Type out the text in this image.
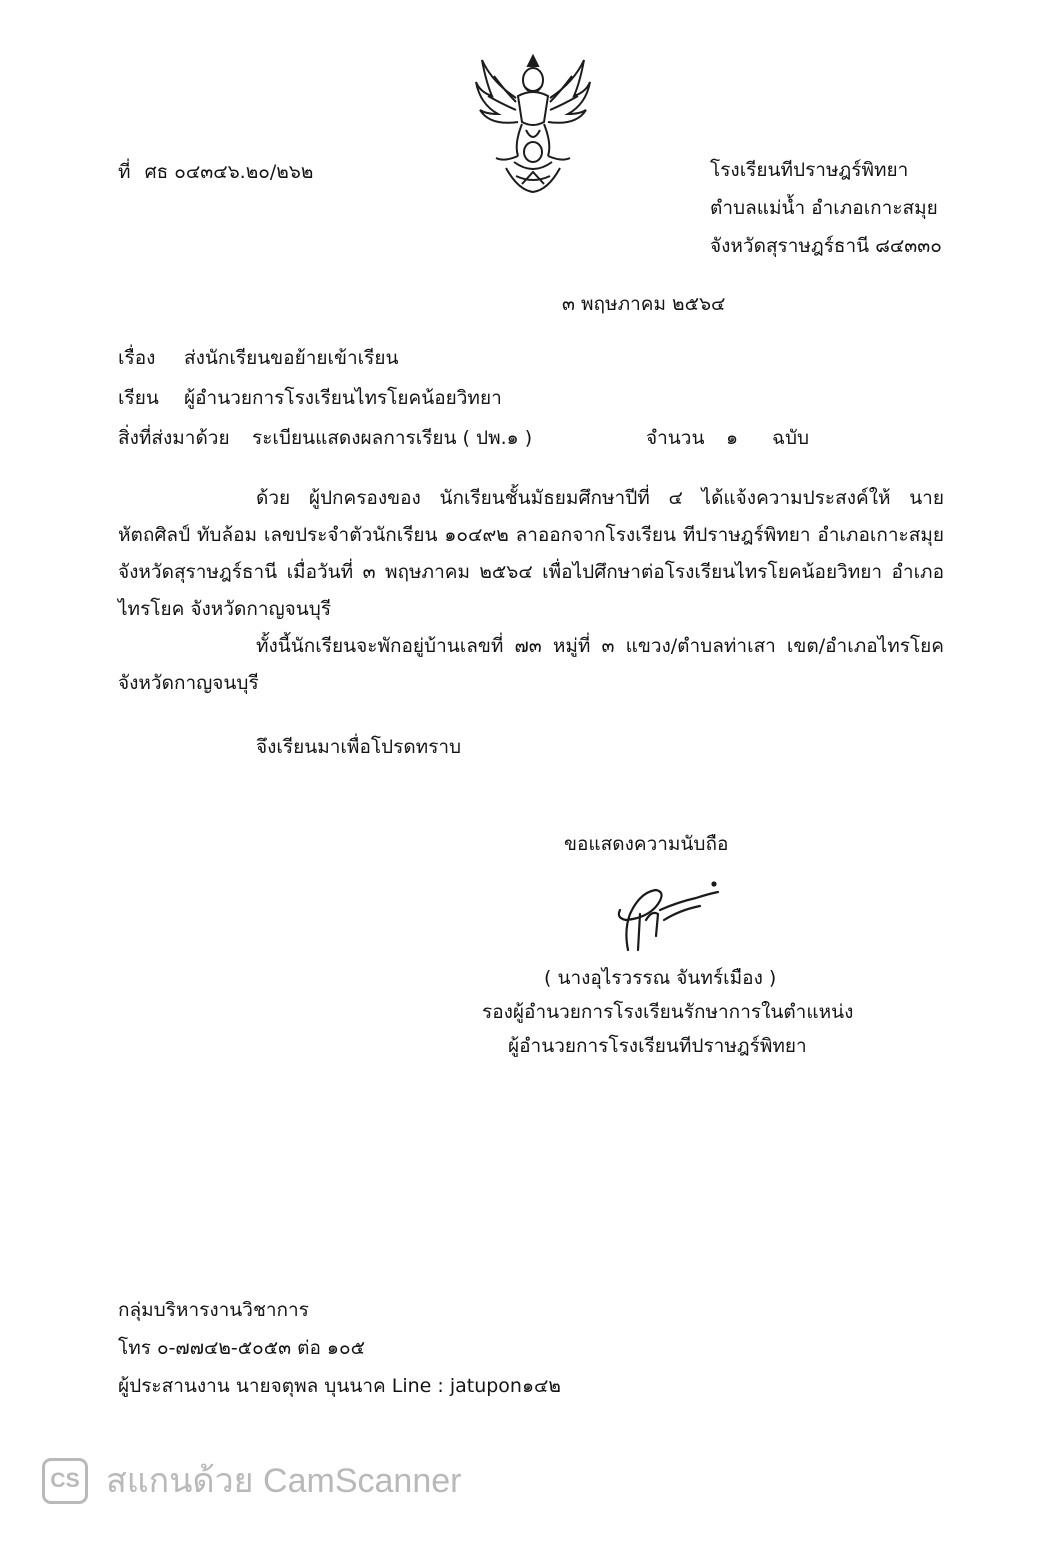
ที่ ศธ ๐๔๓๔๖.๒๐/๒๖๒	โรงเรียนทีปราษฎร์พิทยา
ตำบลแม่น้ำ อำเภอเกาะสมุย
จังหวัดสุราษฎร์ธานี ๘๔๓๓๐
๓ พฤษภาคม ๒๕๖๔
เรื่อง ส่งนักเรียนขอย้ายเข้าเรียน
เรียน ผู้อำนวยการโรงเรียนไทรโยคน้อยวิทยา
สิ่งที่ส่งมาด้วย ระเบียนแสดงผลการเรียน ( ปพ.๑ )	จำนวน ๑ ฉบับ
ด้วย ผู้ปกครองของ นักเรียนชั้นมัธยมศึกษาปีที่ ๔ ได้แจ้งความประสงค์ให้ นายหัตถศิลป์ ทับล้อม เลขประจำตัวนักเรียน ๑๐๔๙๒ ลาออกจากโรงเรียน ทีปราษฎร์พิทยา อำเภอเกาะสมุย จังหวัดสุราษฎร์ธานี เมื่อวันที่ ๓ พฤษภาคม ๒๕๖๔ เพื่อไปศึกษาต่อโรงเรียนไทรโยคน้อยวิทยา อำเภอไทรโยค จังหวัดกาญจนบุรี
ทั้งนี้นักเรียนจะพักอยู่บ้านเลขที่ ๗๓ หมู่ที่ ๓ แขวง/ตำบลท่าเสา เขต/อำเภอไทรโยค จังหวัดกาญจนบุรี
จึงเรียนมาเพื่อโปรดทราบ
ขอแสดงความนับถือ
( นางอุไรวรรณ จันทร์เมือง )
รองผู้อำนวยการโรงเรียนรักษาการในตำแหน่ง
ผู้อำนวยการโรงเรียนทีปราษฎร์พิทยา
กลุ่มบริหารงานวิชาการ
โทร ๐-๗๗๔๒-๕๐๕๓ ต่อ ๑๐๕
ผู้ประสานงาน นายจตุพล บุนนาค Line : jatupon๑๔๒
CS สแกนด้วย CamScanner
